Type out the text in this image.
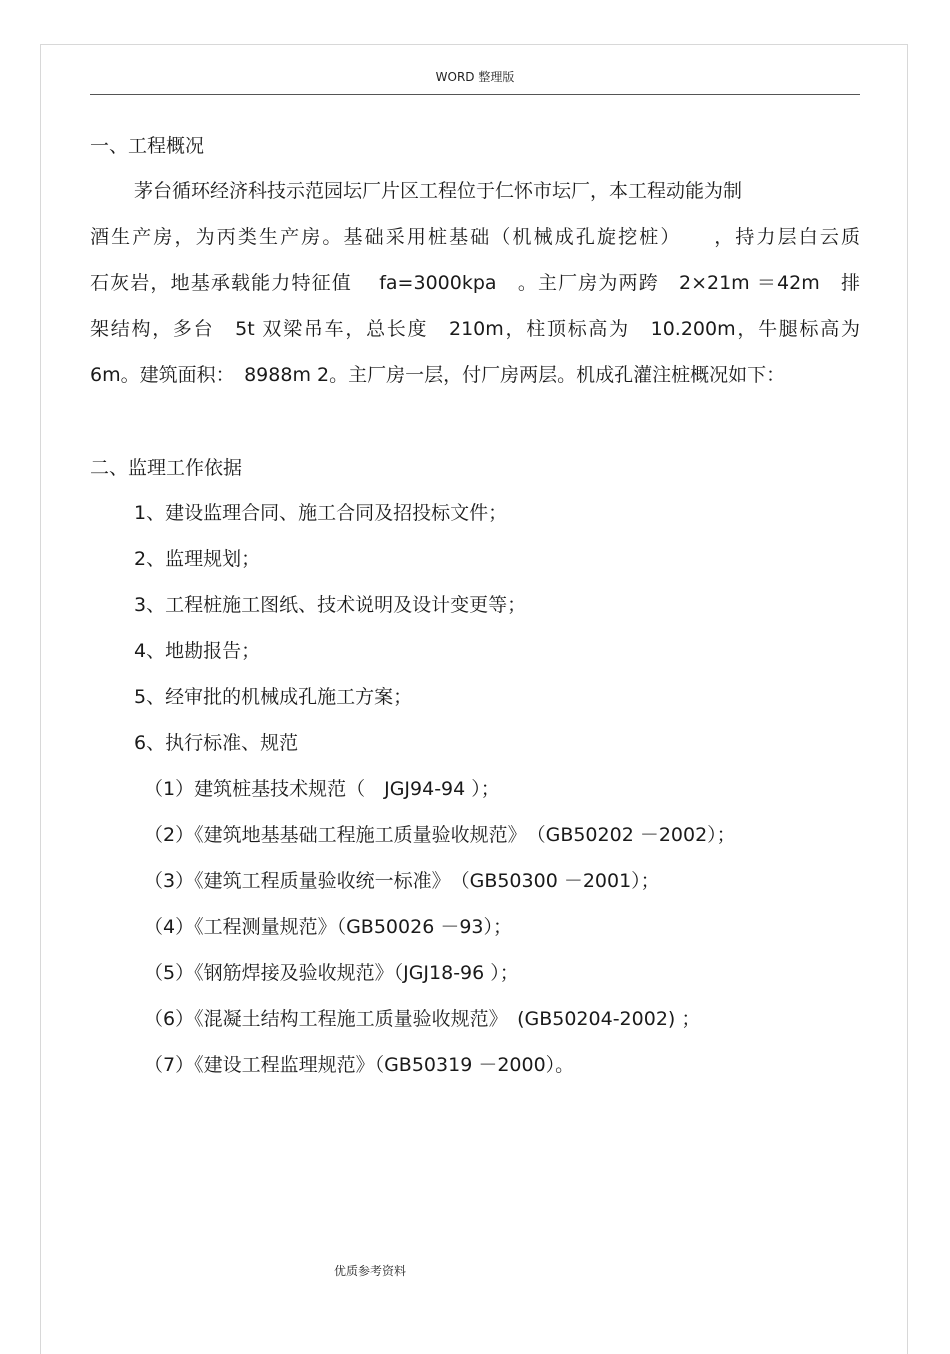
WORD 整理版
一、工程概况
茅台循环经济科技示范园坛厂片区工程位于仁怀市坛厂，本工程动能为制
酒生产房，为丙类生产房。基础采用桩基础（机械成孔旋挖桩）　　，持力层白云质
石灰岩，地基承载能力特征值　 fa=3000kpa　。主厂房为两跨　2×21m ＝42m　排
架结构，多台　5t 双梁吊车，总长度　210m，柱顶标高为　10.200m，牛腿标高为
6m。建筑面积：　8988m 2。主厂房一层，付厂房两层。机成孔灌注桩概况如下：
二、监理工作依据
1、建设监理合同、施工合同及招投标文件；
2、监理规划；
3、工程桩施工图纸、技术说明及设计变更等；
4、地勘报告；
5、经审批的机械成孔施工方案；
6、执行标准、规范
（1）建筑桩基技术规范（　JGJ94-94 ）；
（2）《建筑地基基础工程施工质量验收规范》　（GB50202 －2002）；
（3）《建筑工程质量验收统一标准》　（GB50300 －2001）；
（4）《工程测量规范》（GB50026 －93）；
（5）《钢筋焊接及验收规范》（JGJ18-96 ）；
（6）《混凝土结构工程施工质量验收规范》　(GB50204-2002) ；
（7）《建设工程监理规范》（GB50319 －2000）。
优质参考资料
